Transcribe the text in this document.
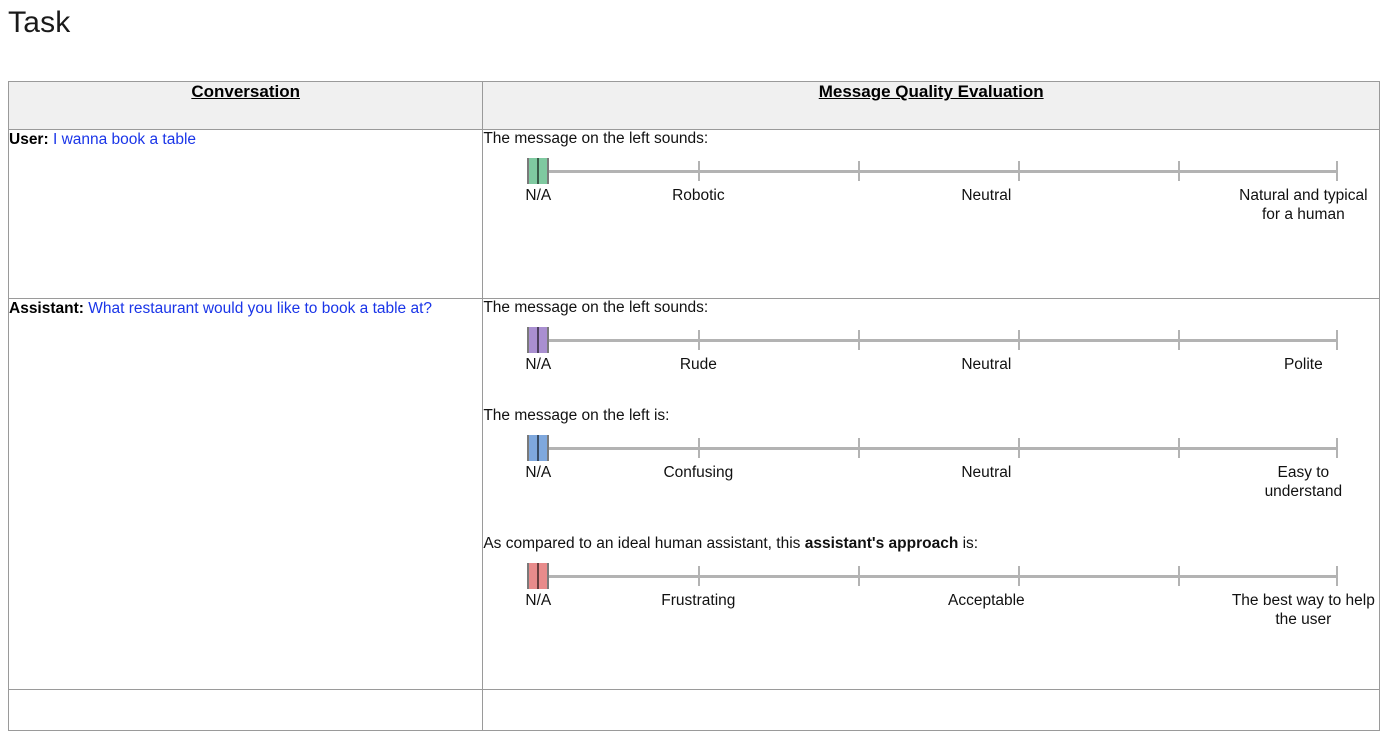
Task
Conversation	Message Quality Evaluation
User: I wanna book a table	The message on the left sounds:
N/A Robotic Neutral Natural and typical for a human

Assistant: What restaurant would you like to book a table at?	The message on the left sounds:
N/A	Rude	Neutral	Polite
The message on the left is:
N/A	Confusing	Neutral	Easy to understand
As compared to an ideal human assistant, this assistant's approach is:
N/A	Frustrating	Acceptable	The best way to help the user
